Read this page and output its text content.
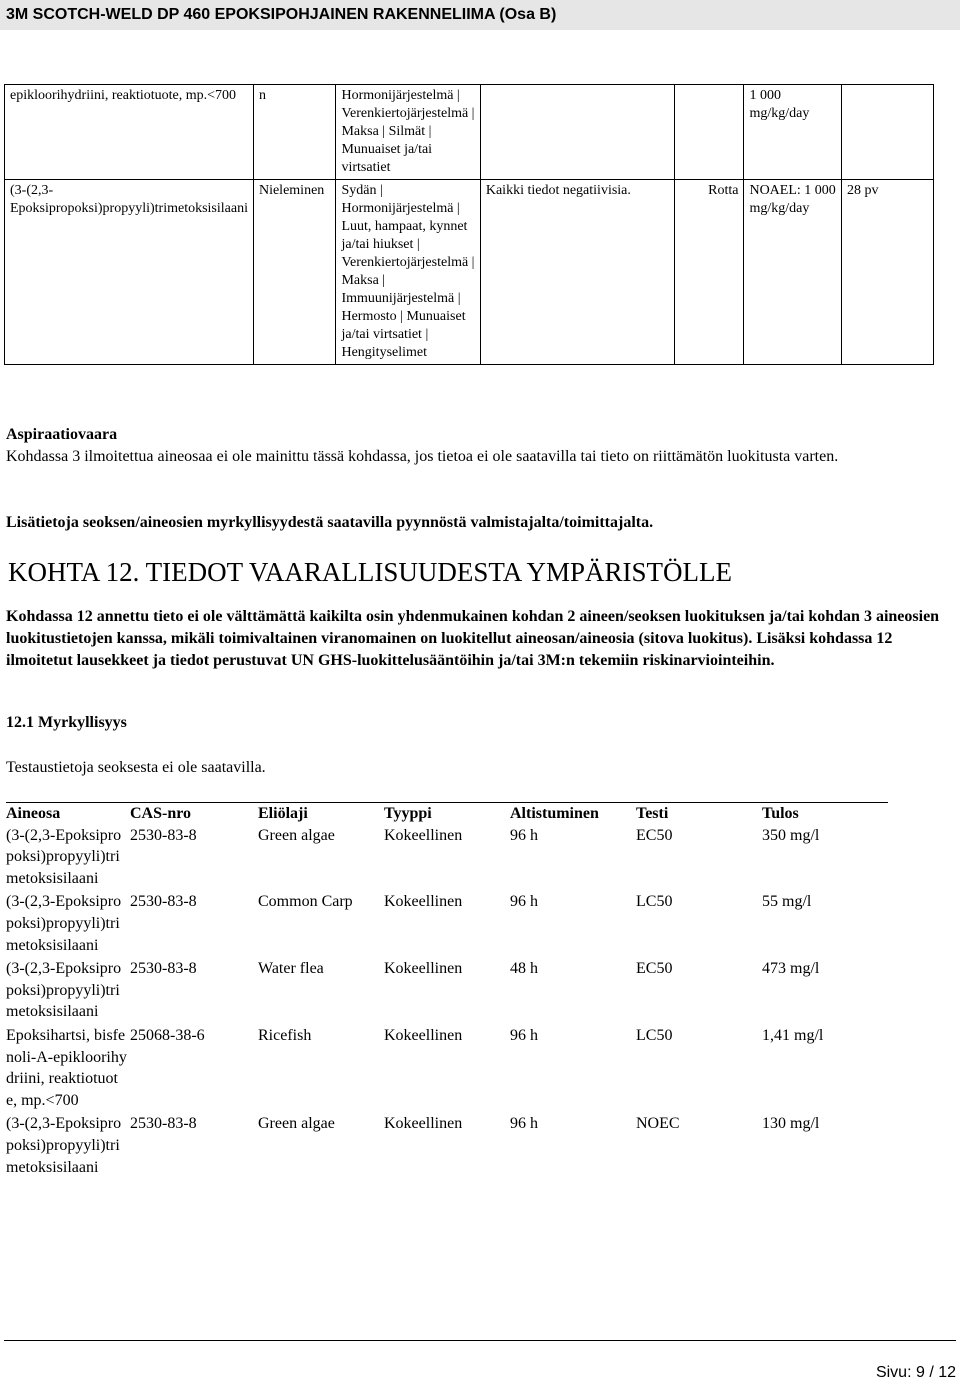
3M SCOTCH-WELD DP 460 EPOKSIPOHJAINEN RAKENNELIIMA (Osa B)
epikloorihydriini, reaktiotuote, mp.<700	n	Hormonijärjestelmä | Verenkiertojärjestelmä | Maksa | Silmät | Munuaiset ja/tai virtsatiet			1 000 mg/kg/day	
(3-(2,3-Epoksipropoksi)propyyli)trimetoksisilaani	Nieleminen	Sydän | Hormonijärjestelmä | Luut, hampaat, kynnet ja/tai hiukset | Verenkiertojärjestelmä | Maksa | Immuunijärjestelmä | Hermosto | Munuaiset ja/tai virtsatiet | Hengityselimet	Kaikki tiedot negatiivisia.	Rotta	NOAEL: 1 000 mg/kg/day	28 pv
Aspiraatiovaara
Kohdassa 3 ilmoitettua aineosaa ei ole mainittu tässä kohdassa, jos tietoa ei ole saatavilla tai tieto on riittämätön luokitusta varten.
Lisätietoja seoksen/aineosien myrkyllisyydestä saatavilla pyynnöstä valmistajalta/toimittajalta.
KOHTA 12. TIEDOT VAARALLISUUDESTA YMPÄRISTÖLLE
Kohdassa 12 annettu tieto ei ole välttämättä kaikilta osin yhdenmukainen kohdan 2 aineen/seoksen luokituksen ja/tai kohdan 3 aineosien luokitustietojen kanssa, mikäli toimivaltainen viranomainen on luokitellut aineosan/aineosia (sitova luokitus). Lisäksi kohdassa 12 ilmoitetut lausekkeet ja tiedot perustuvat UN GHS-luokittelusääntöihin ja/tai 3M:n tekemiin riskinarviointeihin.
12.1 Myrkyllisyys
Testaustietoja seoksesta ei ole saatavilla.
Aineosa	CAS-nro	Eliölaji	Tyyppi	Altistuminen	Testi	Tulos
(3-(2,3-Epoksipropoksi)propyyli)trimetoksisilaani	2530-83-8	Green algae	Kokeellinen	96 h	EC50	350 mg/l
(3-(2,3-Epoksipropoksi)propyyli)trimetoksisilaani	2530-83-8	Common Carp	Kokeellinen	96 h	LC50	55 mg/l
(3-(2,3-Epoksipropoksi)propyyli)trimetoksisilaani	2530-83-8	Water flea	Kokeellinen	48 h	EC50	473 mg/l
Epoksihartsi, bisfenoli-A-epikloorihydriini, reaktiotuote, mp.<700	25068-38-6	Ricefish	Kokeellinen	96 h	LC50	1,41 mg/l
(3-(2,3-Epoksipropoksi)propyyli)trimetoksisilaani	2530-83-8	Green algae	Kokeellinen	96 h	NOEC	130 mg/l
Sivu: 9 / 12
